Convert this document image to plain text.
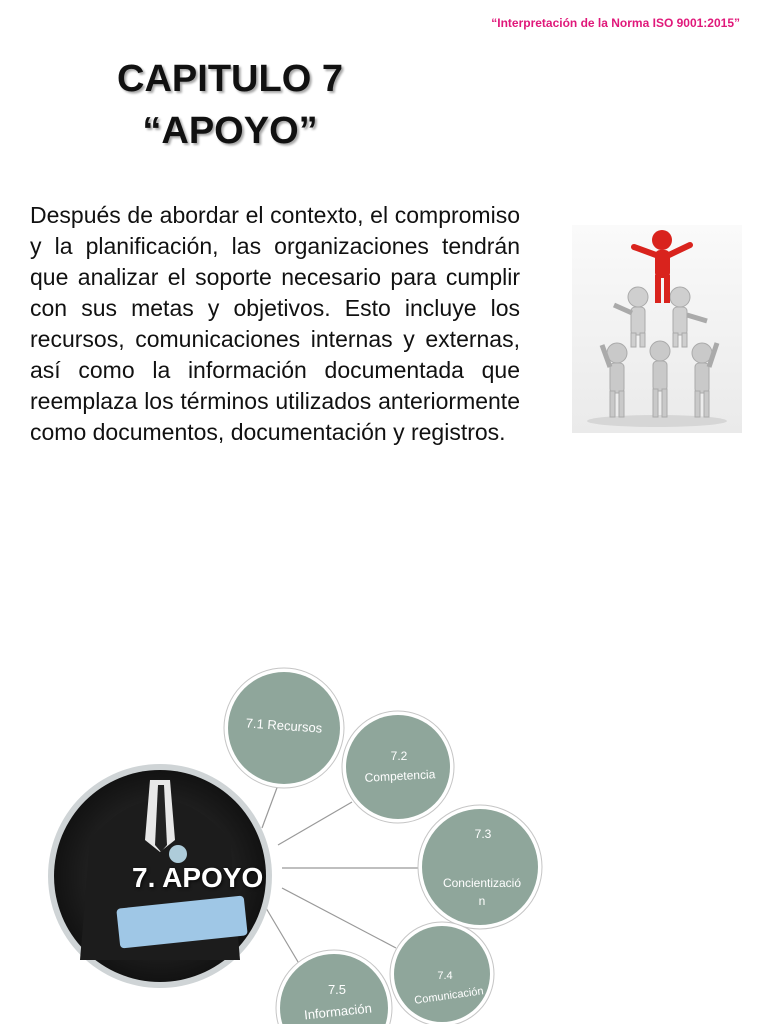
“Interpretación de la Norma ISO 9001:2015”
CAPITULO 7
“APOYO”

Después de abordar el contexto, el compromiso y la planificación, las organizaciones tendrán que analizar el soporte necesario para cumplir con sus metas y objetivos. Esto incluye los recursos, comunicaciones internas y externas, así como la información documentada que reemplaza los términos utilizados anteriormente como documentos, documentación y registros.

7. APOYO
7.1 Recursos
7.2
Competencia
7.3
Concientizació n
7.4
Comunicación
7.5
Información
